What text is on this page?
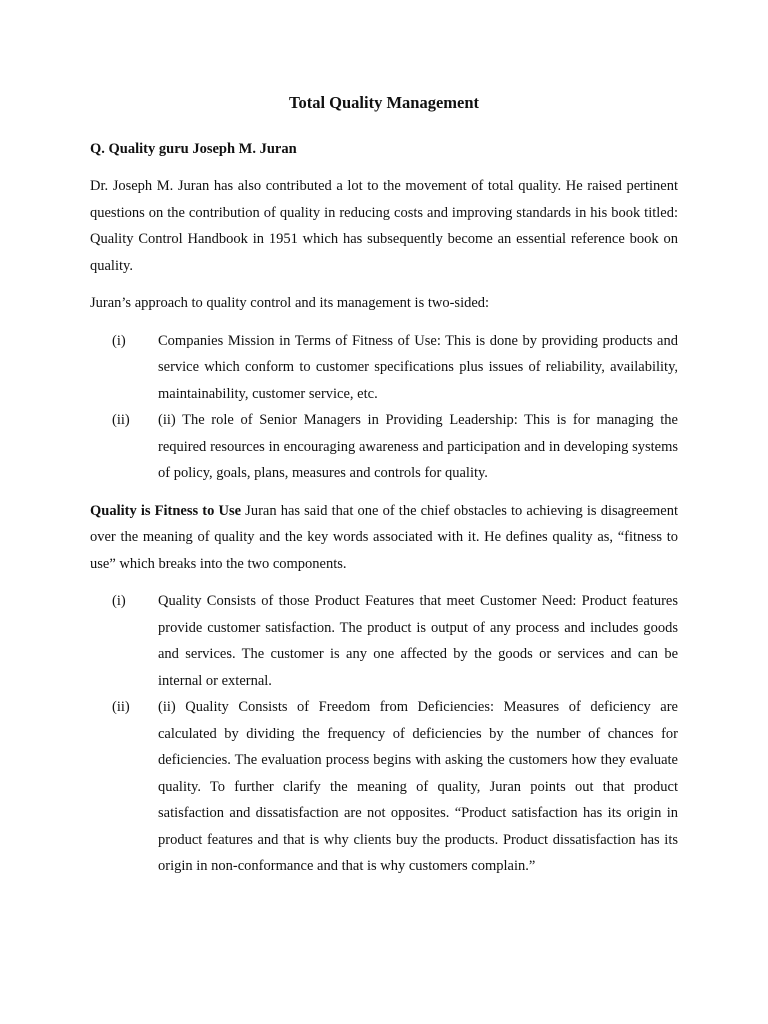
Total Quality Management
Q. Quality guru Joseph M. Juran

Dr. Joseph M. Juran has also contributed a lot to the movement of total quality. He raised pertinent questions on the contribution of quality in reducing costs and improving standards in his book titled: Quality Control Handbook in 1951 which has subsequently become an essential reference book on quality.

Juran’s approach to quality control and its management is two-sided:

(i)	Companies Mission in Terms of Fitness of Use: This is done by providing products and service which conform to customer specifications plus issues of reliability, availability, maintainability, customer service, etc.
(ii)	(ii) The role of Senior Managers in Providing Leadership: This is for managing the required resources in encouraging awareness and participation and in developing systems of policy, goals, plans, measures and controls for quality.

Quality is Fitness to Use Juran has said that one of the chief obstacles to achieving is disagreement over the meaning of quality and the key words associated with it. He defines quality as, “fitness to use” which breaks into the two components.

(i)	Quality Consists of those Product Features that meet Customer Need: Product features provide customer satisfaction. The product is output of any process and includes goods and services. The customer is any one affected by the goods or services and can be internal or external.
(ii)	(ii) Quality Consists of Freedom from Deficiencies: Measures of deficiency are calculated by dividing the frequency of deficiencies by the number of chances for deficiencies. The evaluation process begins with asking the customers how they evaluate quality. To further clarify the meaning of quality, Juran points out that product satisfaction and dissatisfaction are not opposites. “Product satisfaction has its origin in product features and that is why clients buy the products. Product dissatisfaction has its origin in non-conformance and that is why customers complain.”
